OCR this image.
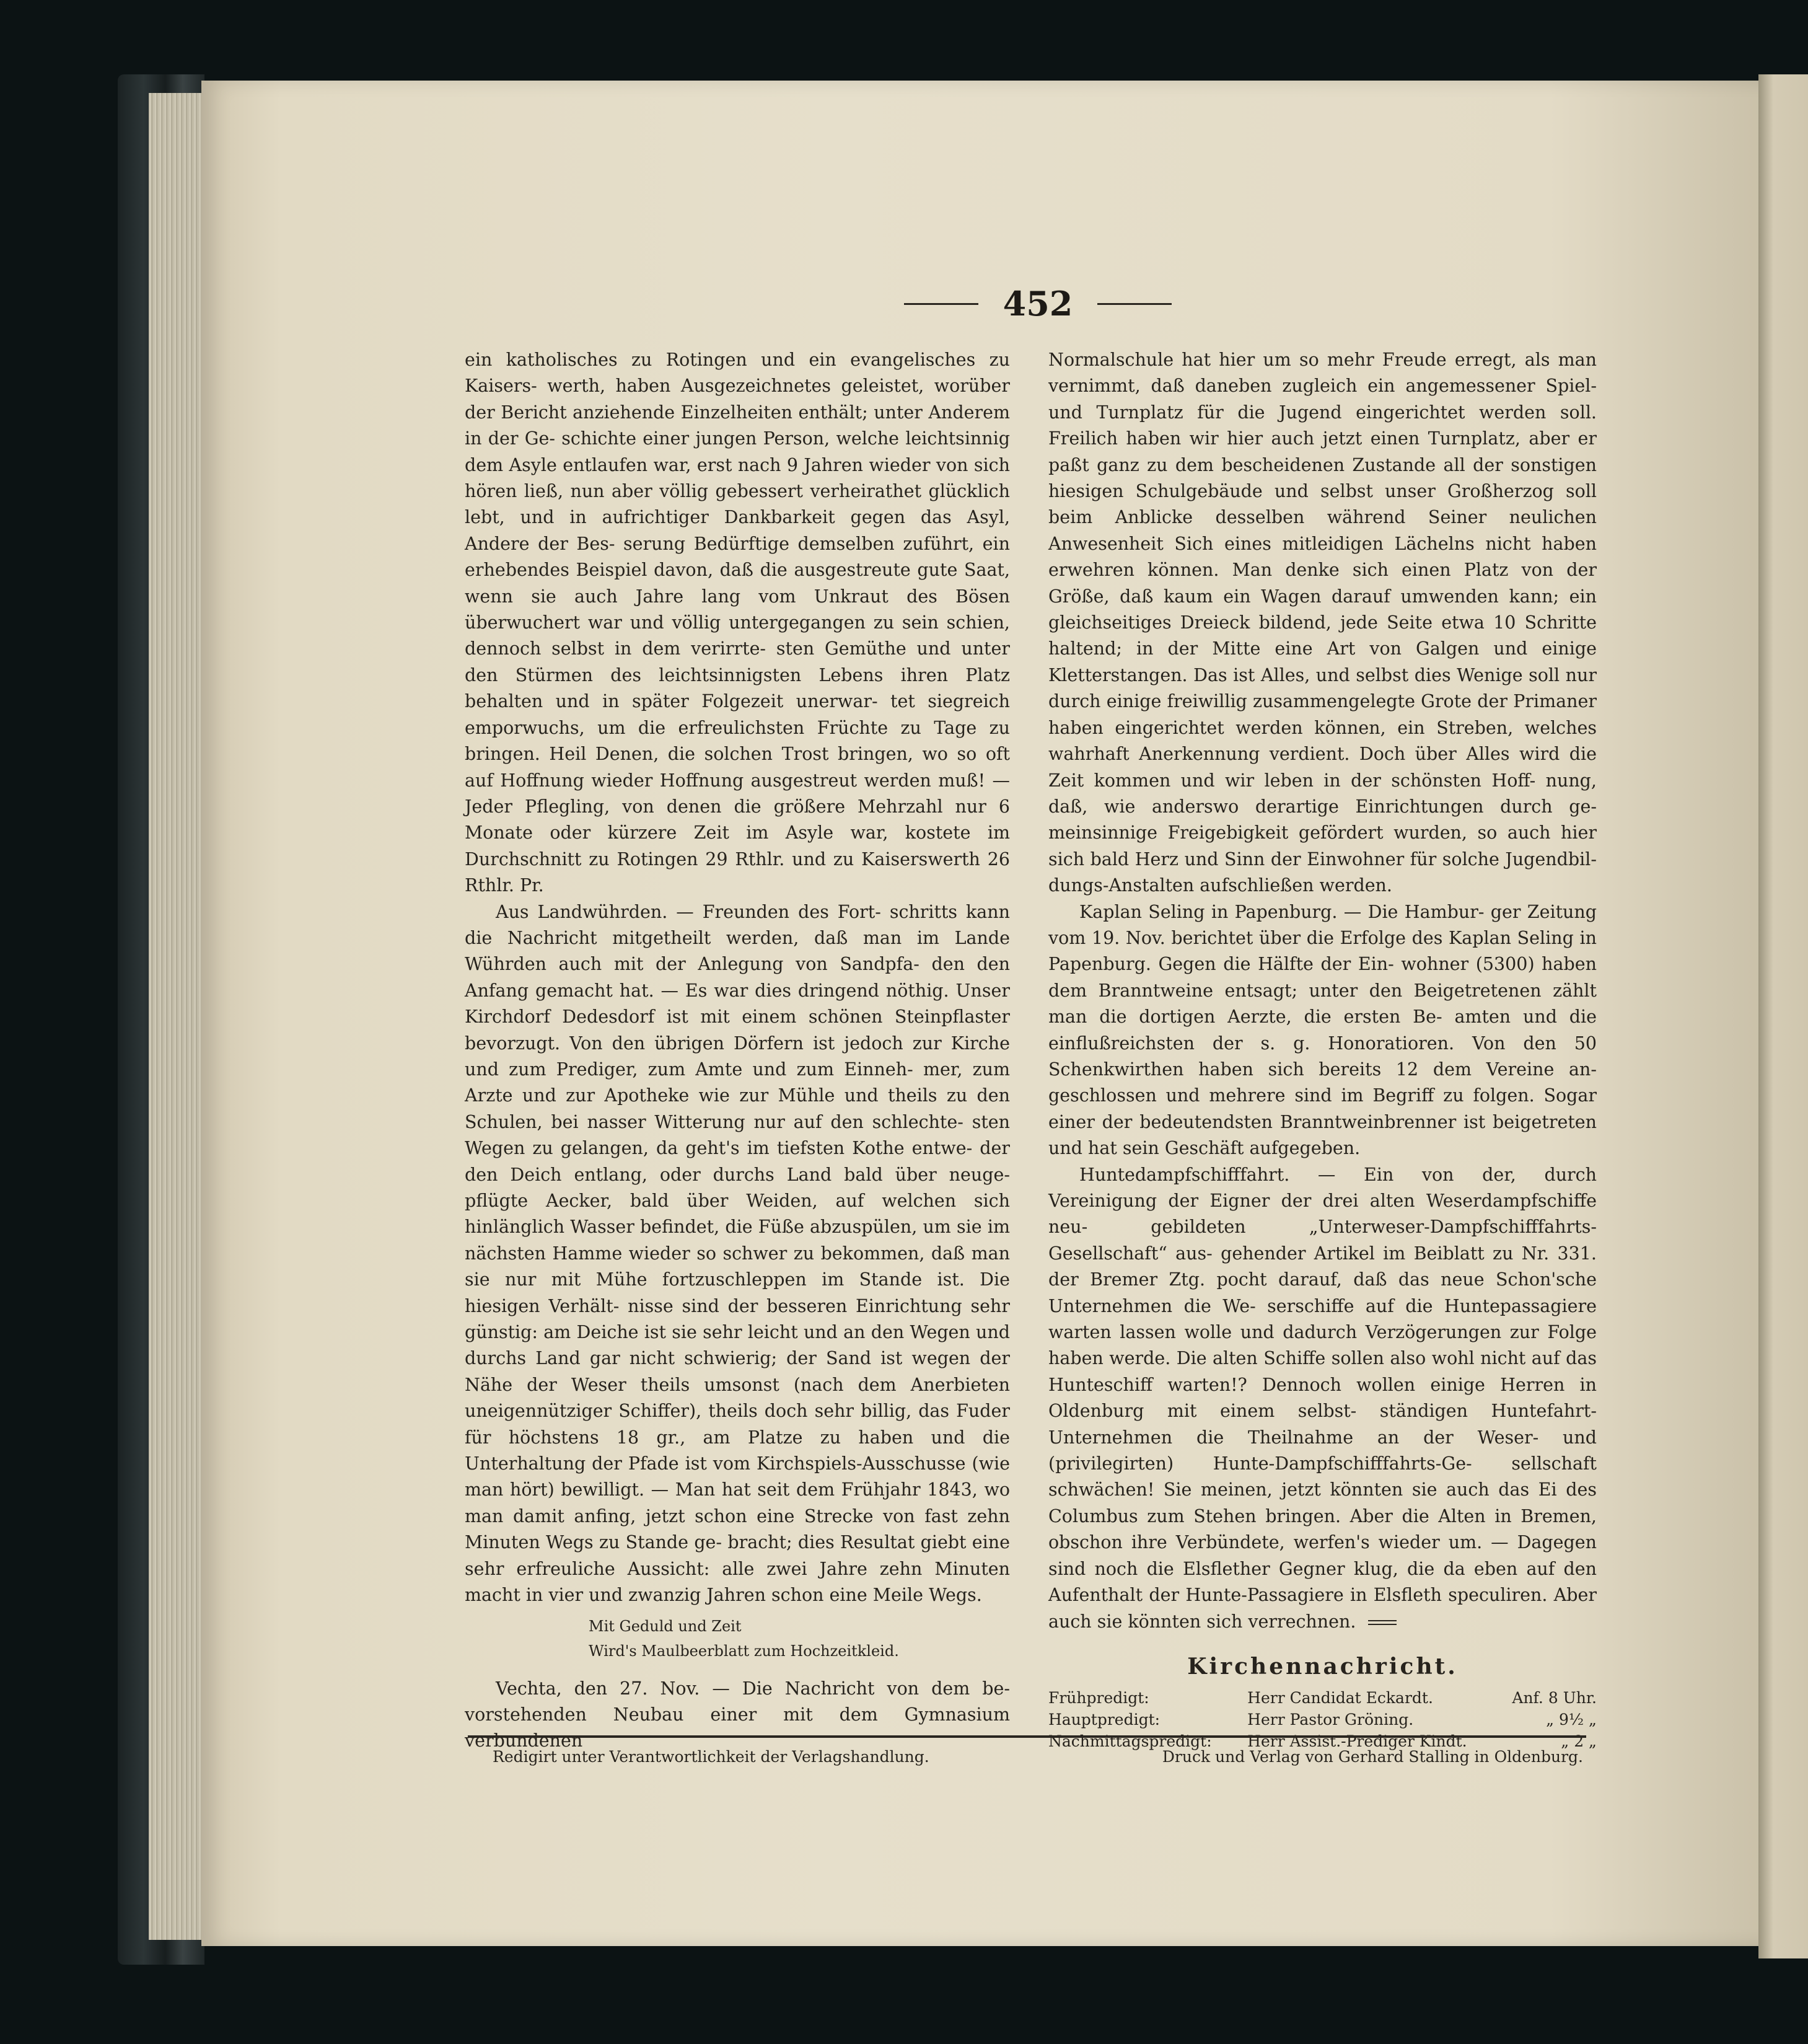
452

ein katholisches zu Rotingen und ein evangelisches zu Kaisers- werth, haben Ausgezeichnetes geleistet, worüber der Bericht anziehende Einzelheiten enthält; unter Anderem in der Ge- schichte einer jungen Person, welche leichtsinnig dem Asyle entlaufen war, erst nach 9 Jahren wieder von sich hören ließ, nun aber völlig gebessert verheirathet glücklich lebt, und in aufrichtiger Dankbarkeit gegen das Asyl, Andere der Bes- serung Bedürftige demselben zuführt, ein erhebendes Beispiel davon, daß die ausgestreute gute Saat, wenn sie auch Jahre lang vom Unkraut des Bösen überwuchert war und völlig untergegangen zu sein schien, dennoch selbst in dem verirrte- sten Gemüthe und unter den Stürmen des leichtsinnigsten Lebens ihren Platz behalten und in später Folgezeit unerwar- tet siegreich emporwuchs, um die erfreulichsten Früchte zu Tage zu bringen. Heil Denen, die solchen Trost bringen, wo so oft auf Hoffnung wieder Hoffnung ausgestreut werden muß! — Jeder Pflegling, von denen die größere Mehrzahl nur 6 Monate oder kürzere Zeit im Asyle war, kostete im Durchschnitt zu Rotingen 29 Rthlr. und zu Kaiserswerth 26 Rthlr. Pr.

Aus Landwührden. — Freunden des Fort- schritts kann die Nachricht mitgetheilt werden, daß man im Lande Wührden auch mit der Anlegung von Sandpfa- den den Anfang gemacht hat. — Es war dies dringend nöthig. Unser Kirchdorf Dedesdorf ist mit einem schönen Steinpflaster bevorzugt. Von den übrigen Dörfern ist jedoch zur Kirche und zum Prediger, zum Amte und zum Einneh- mer, zum Arzte und zur Apotheke wie zur Mühle und theils zu den Schulen, bei nasser Witterung nur auf den schlechte- sten Wegen zu gelangen, da geht's im tiefsten Kothe entwe- der den Deich entlang, oder durchs Land bald über neuge- pflügte Aecker, bald über Weiden, auf welchen sich hinlänglich Wasser befindet, die Füße abzuspülen, um sie im nächsten Hamme wieder so schwer zu bekommen, daß man sie nur mit Mühe fortzuschleppen im Stande ist. Die hiesigen Verhält- nisse sind der besseren Einrichtung sehr günstig: am Deiche ist sie sehr leicht und an den Wegen und durchs Land gar nicht schwierig; der Sand ist wegen der Nähe der Weser theils umsonst (nach dem Anerbieten uneigennütziger Schiffer), theils doch sehr billig, das Fuder für höchstens 18 gr., am Platze zu haben und die Unterhaltung der Pfade ist vom Kirchspiels-Ausschusse (wie man hört) bewilligt. — Man hat seit dem Frühjahr 1843, wo man damit anfing, jetzt schon eine Strecke von fast zehn Minuten Wegs zu Stande ge- bracht; dies Resultat giebt eine sehr erfreuliche Aussicht: alle zwei Jahre zehn Minuten macht in vier und zwanzig Jahren schon eine Meile Wegs.

Mit Geduld und Zeit
Wird's Maulbeerblatt zum Hochzeitkleid.

Vechta, den 27. Nov. — Die Nachricht von dem be- vorstehenden Neubau einer mit dem Gymnasium verbundenen

Normalschule hat hier um so mehr Freude erregt, als man vernimmt, daß daneben zugleich ein angemessener Spiel- und Turnplatz für die Jugend eingerichtet werden soll. Freilich haben wir hier auch jetzt einen Turnplatz, aber er paßt ganz zu dem bescheidenen Zustande all der sonstigen hiesigen Schulgebäude und selbst unser Großherzog soll beim Anblicke desselben während Seiner neulichen Anwesenheit Sich eines mitleidigen Lächelns nicht haben erwehren können. Man denke sich einen Platz von der Größe, daß kaum ein Wagen darauf umwenden kann; ein gleichseitiges Dreieck bildend, jede Seite etwa 10 Schritte haltend; in der Mitte eine Art von Galgen und einige Kletterstangen. Das ist Alles, und selbst dies Wenige soll nur durch einige freiwillig zusammengelegte Grote der Primaner haben eingerichtet werden können, ein Streben, welches wahrhaft Anerkennung verdient. Doch über Alles wird die Zeit kommen und wir leben in der schönsten Hoff- nung, daß, wie anderswo derartige Einrichtungen durch ge- meinsinnige Freigebigkeit gefördert wurden, so auch hier sich bald Herz und Sinn der Einwohner für solche Jugendbil- dungs-Anstalten aufschließen werden.

Kaplan Seling in Papenburg. — Die Hambur- ger Zeitung vom 19. Nov. berichtet über die Erfolge des Kaplan Seling in Papenburg. Gegen die Hälfte der Ein- wohner (5300) haben dem Branntweine entsagt; unter den Beigetretenen zählt man die dortigen Aerzte, die ersten Be- amten und die einflußreichsten der s. g. Honoratioren. Von den 50 Schenkwirthen haben sich bereits 12 dem Vereine an- geschlossen und mehrere sind im Begriff zu folgen. Sogar einer der bedeutendsten Branntweinbrenner ist beigetreten und hat sein Geschäft aufgegeben.

Huntedampfschifffahrt. — Ein von der, durch Vereinigung der Eigner der drei alten Weserdampfschiffe neu- gebildeten „Unterweser-Dampfschifffahrts-Gesellschaft“ aus- gehender Artikel im Beiblatt zu Nr. 331. der Bremer Ztg. pocht darauf, daß das neue Schon'sche Unternehmen die We- serschiffe auf die Huntepassagiere warten lassen wolle und dadurch Verzögerungen zur Folge haben werde. Die alten Schiffe sollen also wohl nicht auf das Hunteschiff warten!? Dennoch wollen einige Herren in Oldenburg mit einem selbst- ständigen Huntefahrt-Unternehmen die Theilnahme an der Weser- und (privilegirten) Hunte-Dampfschifffahrts-Ge- sellschaft schwächen! Sie meinen, jetzt könnten sie auch das Ei des Columbus zum Stehen bringen. Aber die Alten in Bremen, obschon ihre Verbündete, werfen's wieder um. — Dagegen sind noch die Elsflether Gegner klug, die da eben auf den Aufenthalt der Hunte-Passagiere in Elsfleth speculiren. Aber auch sie könnten sich verrechnen.

Kirchennachricht.
Frühpredigt:	Herr Candidat Eckardt.	Anf. 8 Uhr.
Hauptpredigt:	Herr Pastor Gröning.	„ 9½ „
Nachmittagspredigt:	Herr Assist.-Prediger Kindt.	„ 2 „
Redigirt unter Verantwortlichkeit der Verlagshandlung.	Druck und Verlag von Gerhard Stalling in Oldenburg.
